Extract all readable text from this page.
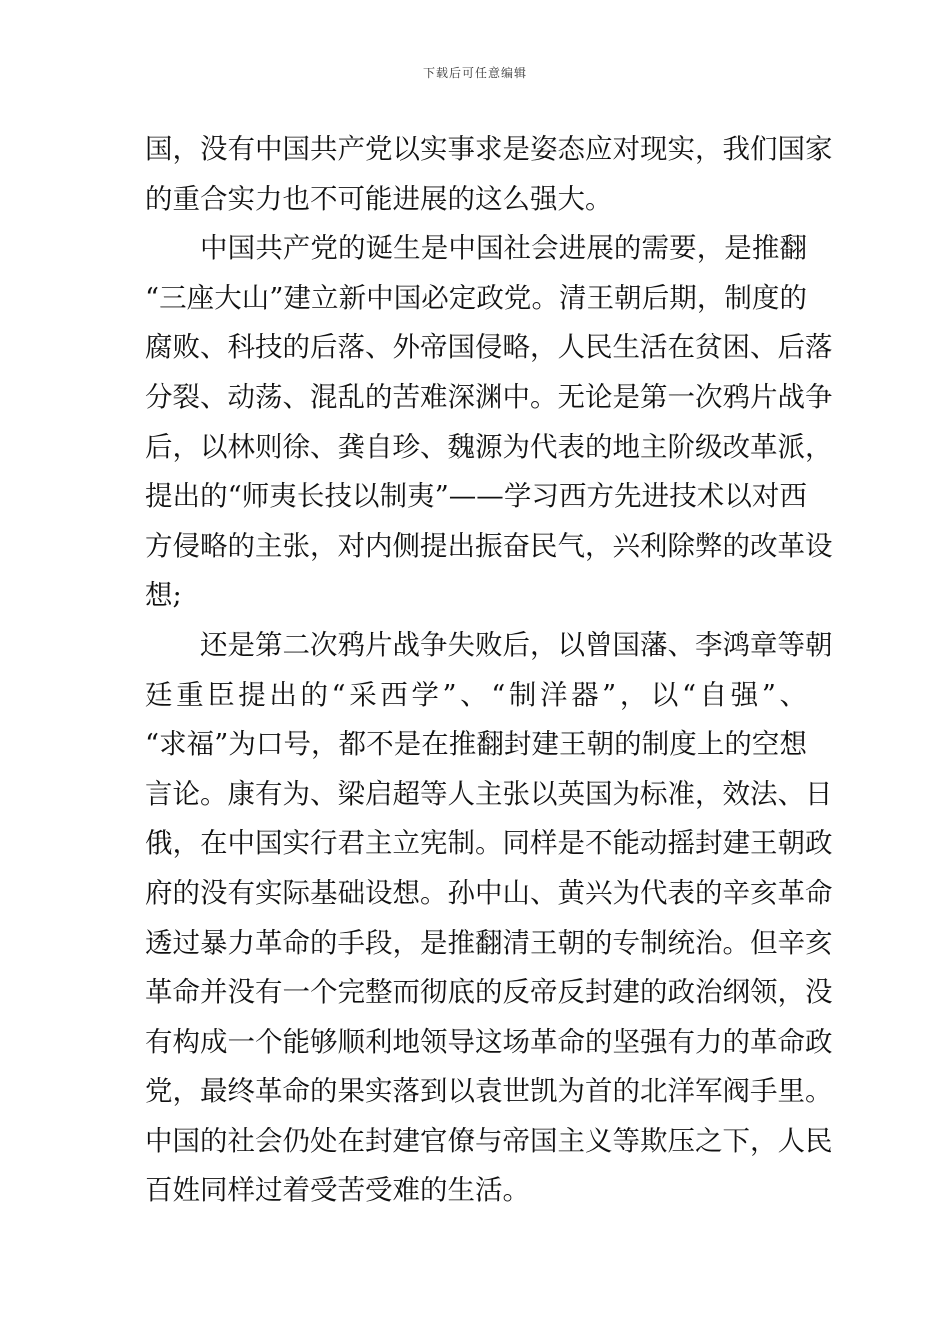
下载后可任意编辑
国，没有中国共产党以实事求是姿态应对现实，我们国家
的重合实力也不可能进展的这么强大。
中国共产党的诞生是中国社会进展的需要，是推翻
“三座大山”建立新中国必定政党。清王朝后期，制度的
腐败、科技的后落、外帝国侵略，人民生活在贫困、后落
分裂、动荡、混乱的苦难深渊中。无论是第一次鸦片战争
后，以林则徐、龚自珍、魏源为代表的地主阶级改革派，
提出的“师夷长技以制夷”——学习西方先进技术以对西
方侵略的主张，对内侧提出振奋民气，兴利除弊的改革设
想;
还是第二次鸦片战争失败后，以曾国藩、李鸿章等朝
廷重臣提出的“采西学”、“制洋器”，以“自强”、
“求福”为口号，都不是在推翻封建王朝的制度上的空想
言论。康有为、梁启超等人主张以英国为标准，效法、日
俄，在中国实行君主立宪制。同样是不能动摇封建王朝政
府的没有实际基础设想。孙中山、黄兴为代表的辛亥革命
透过暴力革命的手段，是推翻清王朝的专制统治。但辛亥
革命并没有一个完整而彻底的反帝反封建的政治纲领，没
有构成一个能够顺利地领导这场革命的坚强有力的革命政
党，最终革命的果实落到以袁世凯为首的北洋军阀手里。
中国的社会仍处在封建官僚与帝国主义等欺压之下，人民
百姓同样过着受苦受难的生活。
